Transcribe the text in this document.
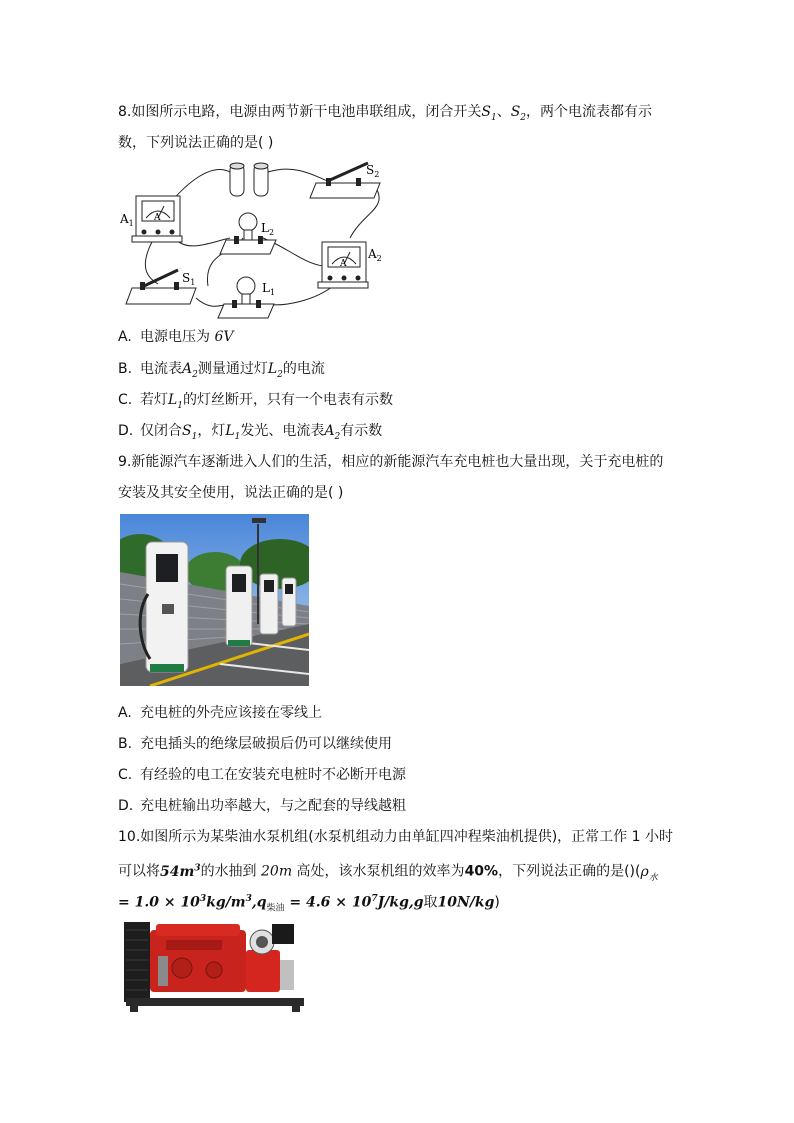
8.如图所示电路，电源由两节新干电池串联组成，闭合开关$S_1$、$S_2$，两个电流表都有示
数，下列说法正确的是( )
$S_2$
A
$A_1$	$L_2$
A
$A_2$
$S_1$	$L_1$
A. 电源电压为 6V
B. 电流表$A_2$测量通过灯$L_2$的电流
C. 若灯$L_1$的灯丝断开，只有一个电表有示数
D. 仅闭合$S_1$，灯$L_1$发光、电流表$A_2$有示数
9.新能源汽车逐渐进入人们的生活，相应的新能源汽车充电桩也大量出现，关于充电桩的
安装及其安全使用，说法正确的是( )
A. 充电桩的外壳应该接在零线上
B. 充电插头的绝缘层破损后仍可以继续使用
C. 有经验的电工在安装充电桩时不必断开电源
D. 充电桩输出功率越大，与之配套的导线越粗
10.如图所示为某柴油水泵机组(水泵机组动力由单缸四冲程柴油机提供)，正常工作 1 小时
可以将$54m^3$的水抽到 20m 高处，该水泵机组的效率为40%，下列说法正确的是$()(\rho_水$
= $1.0 \times 10^3kg/m^3,q_{柴油} = 4.6 \times 10^7J/kg,g$取10N/kg)
